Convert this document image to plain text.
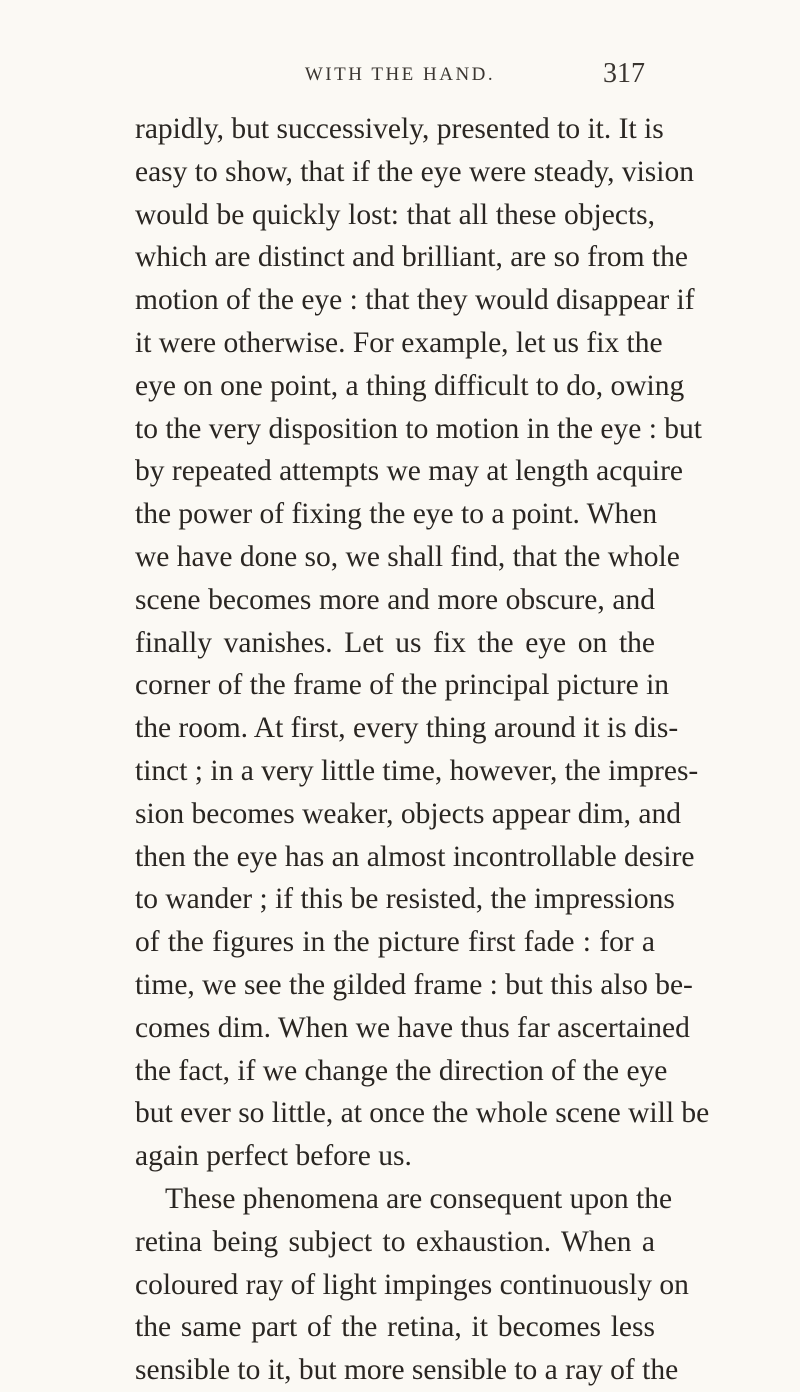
WITH THE HAND.	317
rapidly, but successively, presented to it. It is
easy to show, that if the eye were steady, vision
would be quickly lost: that all these objects,
which are distinct and brilliant, are so from the
motion of the eye : that they would disappear if
it were otherwise. For example, let us fix the
eye on one point, a thing difficult to do, owing
to the very disposition to motion in the eye : but
by repeated attempts we may at length acquire
the power of fixing the eye to a point. When
we have done so, we shall find, that the whole
scene becomes more and more obscure, and
finally vanishes. Let us fix the eye on the
corner of the frame of the principal picture in
the room. At first, every thing around it is dis-
tinct ; in a very little time, however, the impres-
sion becomes weaker, objects appear dim, and
then the eye has an almost incontrollable desire
to wander ; if this be resisted, the impressions
of the figures in the picture first fade : for a
time, we see the gilded frame : but this also be-
comes dim. When we have thus far ascertained
the fact, if we change the direction of the eye
but ever so little, at once the whole scene will be
again perfect before us.
These phenomena are consequent upon the
retina being subject to exhaustion. When a
coloured ray of light impinges continuously on
the same part of the retina, it becomes less
sensible to it, but more sensible to a ray of the
